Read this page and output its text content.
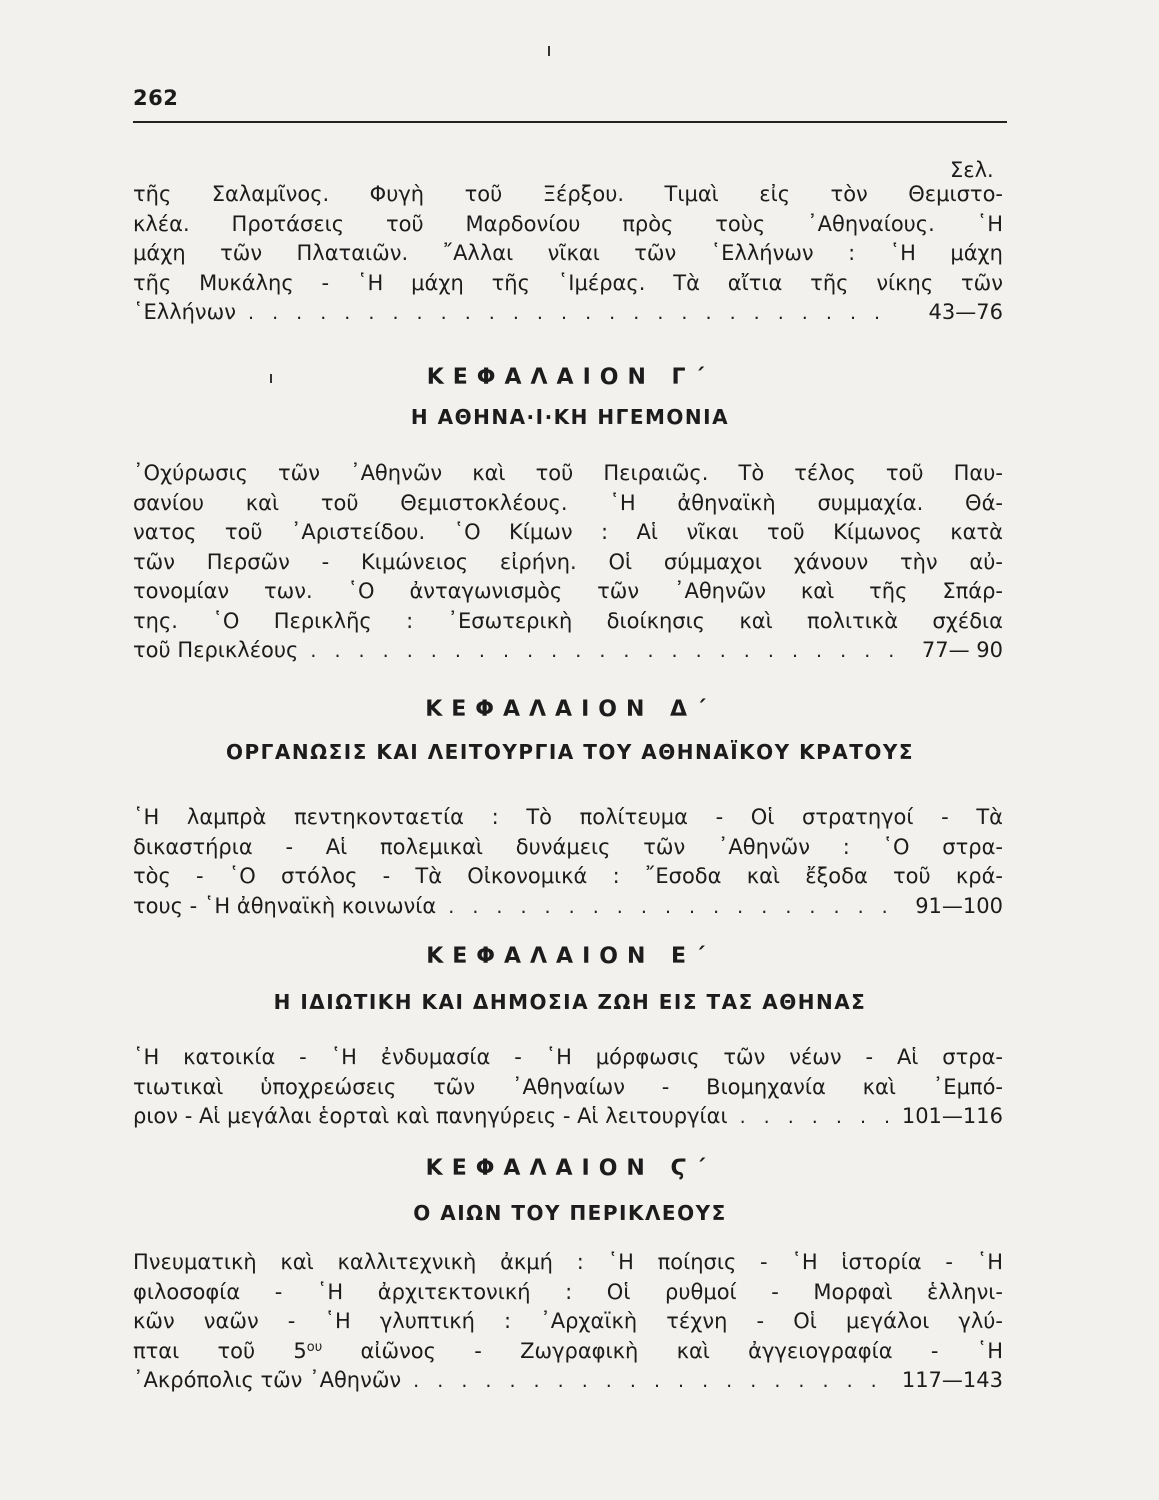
262
Σελ.
τῆς Σαλαμῖνος. Φυγὴ τοῦ Ξέρξου. Τιμαὶ εἰς τὸν Θεμιστο-
κλέα. Προτάσεις τοῦ Μαρδονίου πρὸς τοὺς ᾿Αθηναίους. ῾Η
μάχη τῶν Πλαταιῶν. ῎Αλλαι νῖκαι τῶν ῾Ελλήνων : ῾Η μάχη
τῆς Μυκάλης - ῾Η μάχη τῆς ῾Ιμέρας. Τὰ αἴτια τῆς νίκης τῶν
῾Ελλήνων . . .	43—76
ΚΕΦΑΛΑΙΟΝ Γ΄
Η ΑΘΗΝΑ·Ι·ΚΗ ΗΓΕΜΟΝΙΑ
᾿Οχύρωσις τῶν ᾿Αθηνῶν καὶ τοῦ Πειραιῶς. Τὸ τέλος τοῦ Παυ-
σανίου καὶ τοῦ Θεμιστοκλέους. ῾Η ἀθηναϊκὴ συμμαχία. Θά-
νατος τοῦ ᾿Αριστείδου. ῾Ο Κίμων : Αἱ νῖκαι τοῦ Κίμωνος κατὰ
τῶν Περσῶν - Κιμώνειος εἰρήνη. Οἱ σύμμαχοι χάνουν τὴν αὐ-
τονομίαν των. ῾Ο ἀνταγωνισμὸς τῶν ᾿Αθηνῶν καὶ τῆς Σπάρ-
της. ῾Ο Περικλῆς : ᾿Εσωτερικὴ διοίκησις καὶ πολιτικὰ σχέδια
τοῦ Περικλέους . . .	77— 90
ΚΕΦΑΛΑΙΟΝ Δ΄
ΟΡΓΑΝΩΣΙΣ ΚΑΙ ΛΕΙΤΟΥΡΓΙΑ ΤΟΥ ΑΘΗΝΑΪΚΟΥ ΚΡΑΤΟΥΣ
῾Η λαμπρὰ πεντηκονταετία : Τὸ πολίτευμα - Οἱ στρατηγοί - Τὰ
δικαστήρια - Αἱ πολεμικαὶ δυνάμεις τῶν ᾿Αθηνῶν : ῾Ο στρα-
τὸς - ῾Ο στόλος - Τὰ Οἰκονομικά : ῎Εσοδα καὶ ἔξοδα τοῦ κρά-
τους - ῾Η ἀθηναϊκὴ κοινωνία . . .	91—100
ΚΕΦΑΛΑΙΟΝ Ε΄
Η ΙΔΙΩΤΙΚΗ ΚΑΙ ΔΗΜΟΣΙΑ ΖΩΗ ΕΙΣ ΤΑΣ ΑΘΗΝΑΣ
῾Η κατοικία - ῾Η ἐνδυμασία - ῾Η μόρφωσις τῶν νέων - Αἱ στρα-
τιωτικαὶ ὑποχρεώσεις τῶν ᾿Αθηναίων - Βιομηχανία καὶ ᾿Εμπό-
ριον - Αἱ μεγάλαι ἑορταὶ καὶ πανηγύρεις - Αἱ λειτουργίαι . . .	101—116
ΚΕΦΑΛΑΙΟΝ Ϛ΄
Ο ΑΙΩΝ ΤΟΥ ΠΕΡΙΚΛΕΟΥΣ
Πνευματικὴ καὶ καλλιτεχνικὴ ἀκμή : ῾Η ποίησις - ῾Η ἱστορία - ῾Η
φιλοσοφία - ῾Η ἀρχιτεκτονική : Οἱ ρυθμοί - Μορφαὶ ἑλληνι-
κῶν ναῶν - ῾Η γλυπτική : ᾿Αρχαϊκὴ τέχνη - Οἱ μεγάλοι γλύ-
πται τοῦ $5^{o\upsilon}$ αἰῶνος - Ζωγραφικὴ καὶ ἀγγειογραφία - ῾Η
᾿Ακρόπολις τῶν ᾿Αθηνῶν . . .	117—143
